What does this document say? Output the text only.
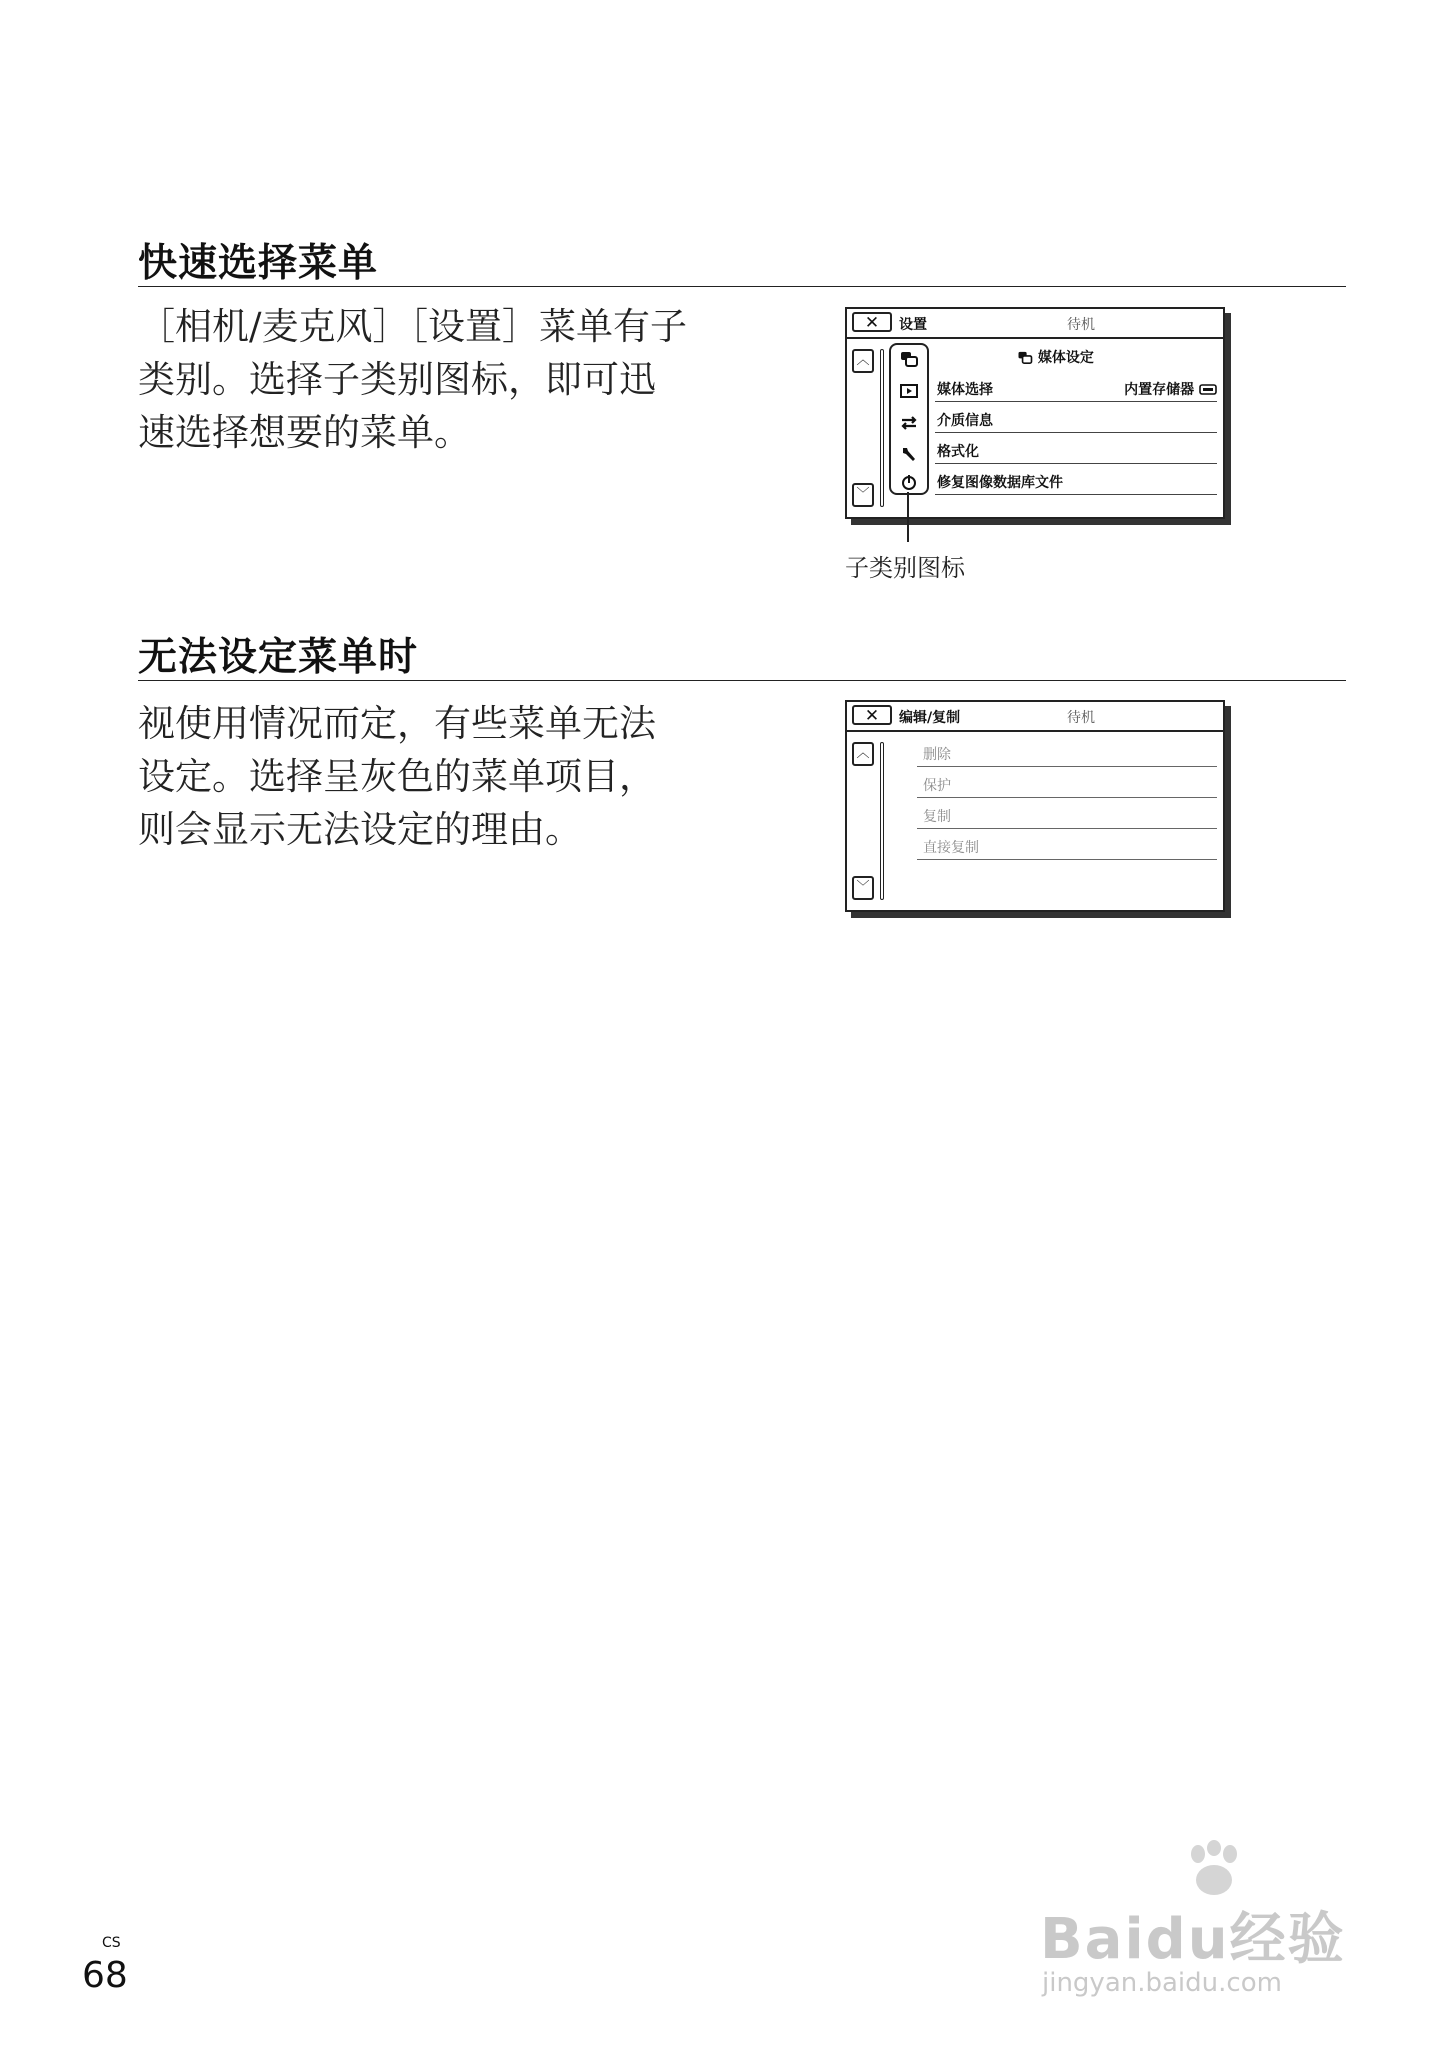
快速选择菜单

［相机/麦克风］［设置］菜单有子
类别。选择子类别图标，即可迅
速选择想要的菜单。

✕	设置	待机
︿
﹀
媒体设定
媒体选择	内置存储器
介质信息
格式化
修复图像数据库文件
子类别图标
无法设定菜单时

视使用情况而定，有些菜单无法
设定。选择呈灰色的菜单项目，
则会显示无法设定的理由。

✕	编辑/复制	待机
︿
﹀
删除
保护
复制
直接复制
CS
68
Baidu经验
jingyan.baidu.com
